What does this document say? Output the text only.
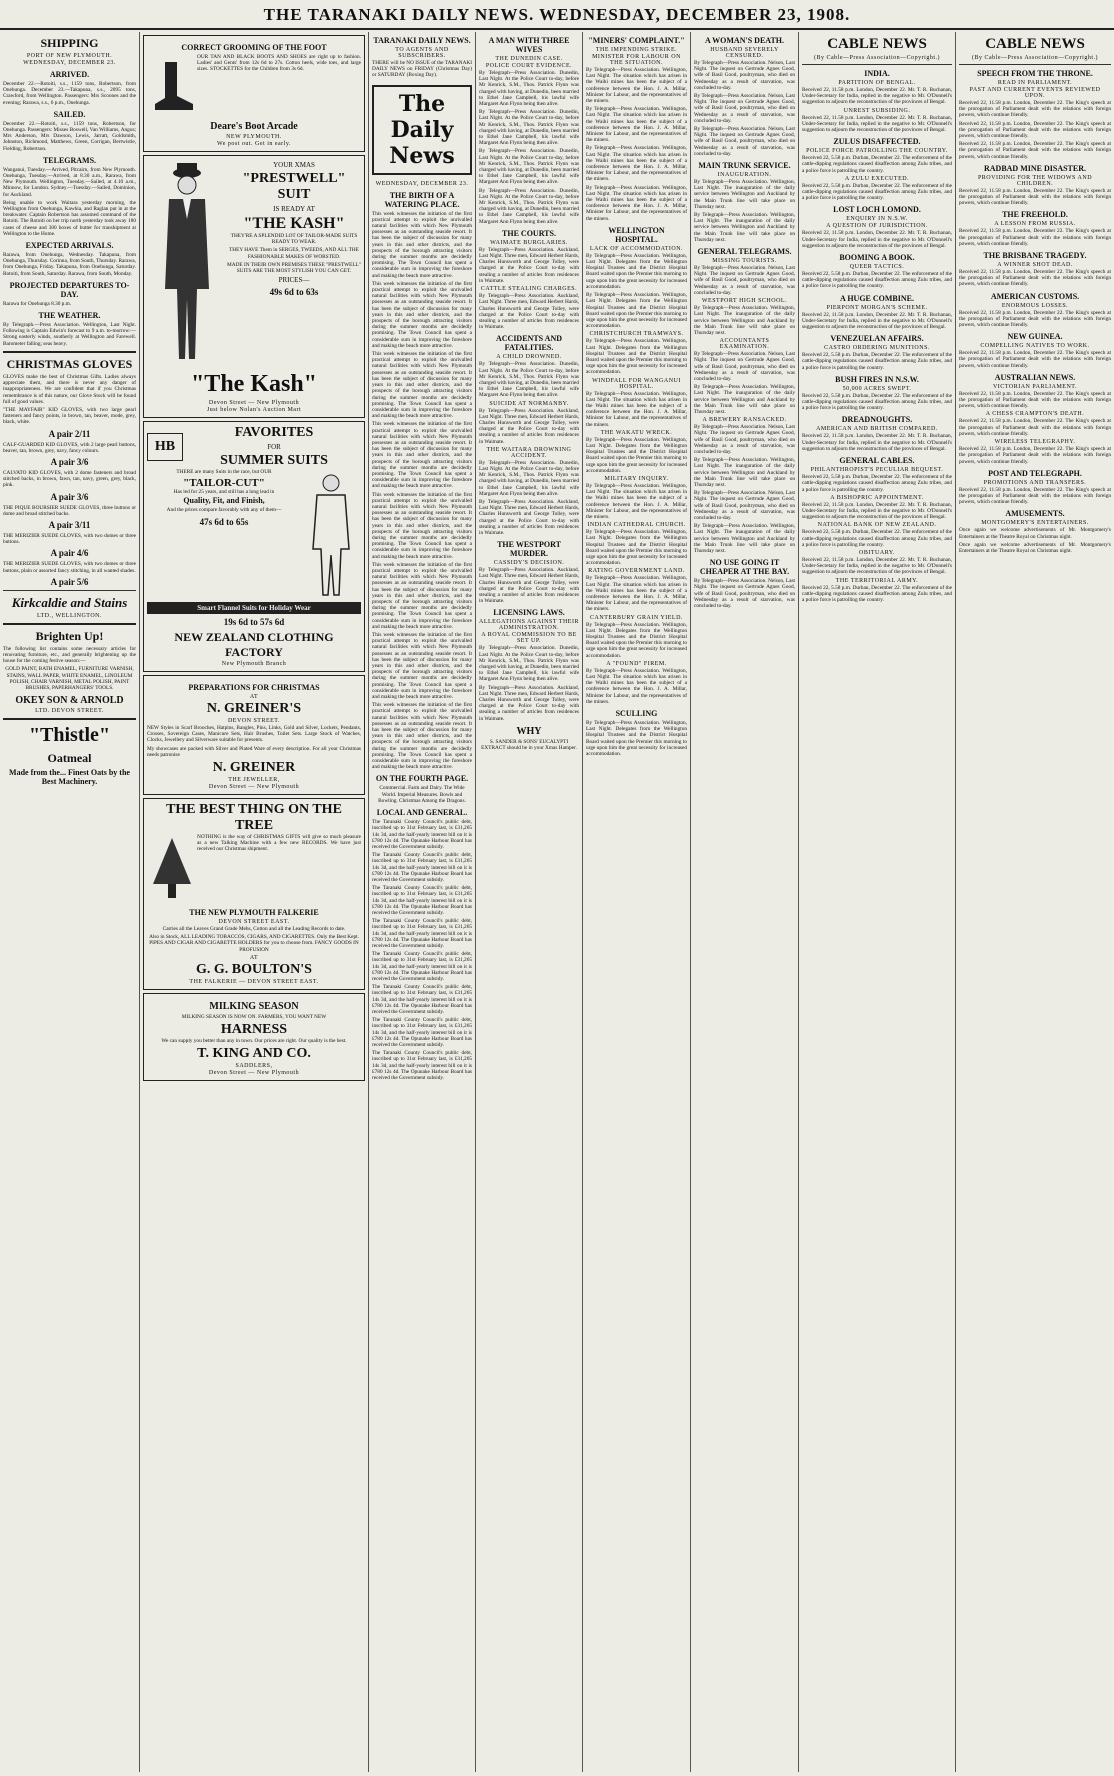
THE TARANAKI DAILY NEWS. WEDNESDAY, DECEMBER 23, 1908.
SHIPPING
PORT OF NEW PLYMOUTH.
WEDNESDAY, DECEMBER 23.
ARRIVED.

December 22.—Rotoiti, s.s., 1159 tons, Robertson, from Onehunga. December 23.—Takapuna, s.s., 2095 tons, Crawford, from Wellington. Passengers: Mrs Scoones and the evening; Rarawa, s.s., 6 p.m., Onehunga.

SAILED.

December 22.—Rotoiti, s.s., 1159 tons, Robertson, for Onehunga. Passengers: Misses Boswell, Van Williams, Angus; Mrs Anderson, Mrs Dawson, Lewis, Jarratt, Goldsmith, Johnston, Richmond, Matthews, Green, Corrigan, Bertwistle, Fielding, Robertson.

TELEGRAMS.

Wanganui, Tuesday.—Arrived, Pitcairn, from New Plymouth. Onehunga, Tuesday.—Arrived, at 8.30 a.m., Rarawa, from New Plymouth. Wellington, Tuesday.—Sailed, at 4.10 a.m., Minnow, for London. Sydney.—Tuesday.—Sailed, Dominion, for Auckland.

Being unable to work Waitara yesterday morning, the Wellington from Onehunga, Kawhia, and Raglan put in at the breakwater. Captain Robertson has assumed command of the Rotoiti. The Rotoiti on her trip north yesterday took away 180 cases of cheese and 300 boxes of butter for transhipment at Wellington to the Home.

EXPECTED ARRIVALS.

Rarawa, from Onehunga, Wednesday. Takapuna, from Onehunga, Thursday. Corinna, from South, Thursday. Rarawa, from Onehunga, Friday. Takapuna, from Onehunga, Saturday. Rotoiti, from South, Saturday. Rarawa, from South, Monday.

PROJECTED DEPARTURES TO-DAY.

Rarawa for Onehunga 8.30 p.m.

THE WEATHER.

By Telegraph.—Press Association. Wellington, Last Night. Following is Captain Edwin's forecast to 9 a.m. to-morrow:—Strong easterly winds, southerly at Wellington and Farewell. Barometer falling; seas heavy.

CHRISTMAS GLOVES

GLOVES make the best of Christmas Gifts. Ladies always appreciate them, and there is never any danger of inappropriateness. We are confident that if you Christmas remembrance is of this nature, our Glove Stock will be found full of good values.

"THE MAYFAIR" KID GLOVES, with two large pearl fasteners and fancy points, in brown, tan, beaver, mode, grey, black, white.

A pair 2/11

CALF-GUARDED KID GLOVES, with 2 large pearl buttons, beaver, tan, brown, grey, navy, fancy colours.

A pair 3/6

CALVATO KID GLOVES, with 2 dome fasteners and broad stitched backs, in brown, fawn, tan, navy, green, grey, black, pink.

A pair 3/6

THE PIQUE BOURSIER SUEDE GLOVES, three buttons or dome and broad stitched backs.

A pair 3/11

THE MERIZIER SUEDE GLOVES, with two domes or three buttons.

A pair 4/6

THE MERIZIER SUEDE GLOVES, with two domes or three buttons, plain or assorted fancy stitching, in all wanted shades.

A pair 5/6
Kirkcaldie and Stains
LTD., WELLINGTON.
Brighten Up!

The following list contains some necessary articles for renovating furniture, etc., and generally brightening up the house for the coming festive season:—

GOLD PAINT, BATH ENAMEL, FURNITURE VARNISH, STAINS, WALL PAPER, WHITE ENAMEL, LINOLEUM POLISH, CHAIR VARNISH, METAL POLISH, PAINT BRUSHES, PAPERHANGERS' TOOLS.

OKEY SON & ARNOLD
LTD. DEVON STREET.
"Thistle"
Oatmeal

Made from the... Finest Oats by the Best Machinery.

CORRECT GROOMING OF THE FOOT

OUR TAN AND BLACK BOOTS AND SHOES are right up to fashion. Ladies' and Gents' from 12s 6d to 27s. Cotton heels, wide toes, and large sizes. STOCKETTES for the Children from 3s 6d.

Deare's Boot Arcade
NEW PLYMOUTH.
We post out. Get in early.
YOUR XMAS
"PRESTWELL"
SUIT
IS READY AT
"THE KASH"

THEY'RE A SPLENDID LOT OF TAILOR-MADE SUITS READY TO WEAR.

THEY HAVE Them in SERGES, TWEEDS, AND ALL THE FASHIONABLE MAKES OF WORSTED.

MADE IN THEIR OWN PREMISES THESE "PRESTWELL" SUITS ARE THE MOST STYLISH YOU CAN GET.

PRICES—
49s 6d to 63s
"The Kash"
Devon Street — New Plymouth
Just below Nolan's Auction Mart
HB
FAVORITES
FOR
SUMMER SUITS

THERE are many Suits in the race, but OUR

"TAILOR-CUT"

Has led for 25 years, and still has a long lead in

Quality, Fit, and Finish,

And the prices compare favorably with any of them—

47s 6d to 65s
Smart Flannel Suits for Holiday Wear
19s 6d to 57s 6d
NEW ZEALAND CLOTHING FACTORY
New Plymouth Branch
PREPARATIONS FOR CHRISTMAS
AT
N. GREINER'S
DEVON STREET.

NEW Styles in Scarf Brooches, Hatpins, Bangles, Pins, Links, Gold and Silver, Lockets, Pendants, Crosses, Sovereign Cases, Manicure Sets, Hair Brushes, Toilet Sets. Large Stock of Watches, Clocks, Jewellery and Silverware suitable for presents.

My showcases are packed with Silver and Plated Ware of every description. For all your Christmas needs patronise

N. GREINER
THE JEWELLER,
Devon Street — New Plymouth
THE BEST THING ON THE TREE

NOTHING is the way of CHRISTMAS GIFTS will give so much pleasure as a new Talking Machine with a few new RECORDS. We have just received our Christmas shipment.

THE NEW PLYMOUTH FALKERIE
DEVON STREET EAST.

Carries all the Leaves Grand Grade Mehs, Cotton and all the Leading Records to date.

Also in Stock, ALL LEADING TOBACCOS, CIGARS, AND CIGARETTES. Only the Best Kept. PIPES AND CIGAR AND CIGARETTE HOLDERS for you to choose from. FANCY GOODS IN PROFUSION

AT
G. G. BOULTON'S
THE FALKERIE — DEVON STREET EAST.
MILKING SEASON

MILKING SEASON IS NOW ON. FARMERS, YOU WANT NEW

HARNESS

We can supply you better than any in town. Our prices are right. Our quality is the best.

T. KING AND CO.
SADDLERS,
Devon Street — New Plymouth
TARANAKI DAILY NEWS.
TO AGENTS AND SUBSCRIBERS.

THERE will be NO ISSUE of the TARANAKI DAILY NEWS on FRIDAY (Christmas Day) or SATURDAY (Boxing Day).

The Daily News
WEDNESDAY, DECEMBER 23.
THE BIRTH OF A WATERING PLACE.

This week witnesses the initiation of the first practical attempt to exploit the unrivalled natural facilities with which New Plymouth possesses as an outstanding seaside resort. It has been the subject of discussion for many years in this and other districts, and the prospects of the borough attracting visitors during the summer months are decidedly promising. The Town Council has spent a considerable sum in improving the foreshore and making the beach more attractive.

This week witnesses the initiation of the first practical attempt to exploit the unrivalled natural facilities with which New Plymouth possesses as an outstanding seaside resort. It has been the subject of discussion for many years in this and other districts, and the prospects of the borough attracting visitors during the summer months are decidedly promising. The Town Council has spent a considerable sum in improving the foreshore and making the beach more attractive.

This week witnesses the initiation of the first practical attempt to exploit the unrivalled natural facilities with which New Plymouth possesses as an outstanding seaside resort. It has been the subject of discussion for many years in this and other districts, and the prospects of the borough attracting visitors during the summer months are decidedly promising. The Town Council has spent a considerable sum in improving the foreshore and making the beach more attractive.

This week witnesses the initiation of the first practical attempt to exploit the unrivalled natural facilities with which New Plymouth possesses as an outstanding seaside resort. It has been the subject of discussion for many years in this and other districts, and the prospects of the borough attracting visitors during the summer months are decidedly promising. The Town Council has spent a considerable sum in improving the foreshore and making the beach more attractive.

This week witnesses the initiation of the first practical attempt to exploit the unrivalled natural facilities with which New Plymouth possesses as an outstanding seaside resort. It has been the subject of discussion for many years in this and other districts, and the prospects of the borough attracting visitors during the summer months are decidedly promising. The Town Council has spent a considerable sum in improving the foreshore and making the beach more attractive.

This week witnesses the initiation of the first practical attempt to exploit the unrivalled natural facilities with which New Plymouth possesses as an outstanding seaside resort. It has been the subject of discussion for many years in this and other districts, and the prospects of the borough attracting visitors during the summer months are decidedly promising. The Town Council has spent a considerable sum in improving the foreshore and making the beach more attractive.

This week witnesses the initiation of the first practical attempt to exploit the unrivalled natural facilities with which New Plymouth possesses as an outstanding seaside resort. It has been the subject of discussion for many years in this and other districts, and the prospects of the borough attracting visitors during the summer months are decidedly promising. The Town Council has spent a considerable sum in improving the foreshore and making the beach more attractive.

This week witnesses the initiation of the first practical attempt to exploit the unrivalled natural facilities with which New Plymouth possesses as an outstanding seaside resort. It has been the subject of discussion for many years in this and other districts, and the prospects of the borough attracting visitors during the summer months are decidedly promising. The Town Council has spent a considerable sum in improving the foreshore and making the beach more attractive.

ON THE FOURTH PAGE.

Commercial. Farm and Dairy. The Wide World. Imperial Measures. Bowls and Bowling. Christmas Among the Dragons.

LOCAL AND GENERAL.

The Taranaki County Council's public debt, inscribed up to 31st February last, is £31,265 14s 3d, and the half-yearly interest bill on it is £780 12s 4d. The Opunake Harbour Board has received the Government subsidy.

The Taranaki County Council's public debt, inscribed up to 31st February last, is £31,265 14s 3d, and the half-yearly interest bill on it is £780 12s 4d. The Opunake Harbour Board has received the Government subsidy.

The Taranaki County Council's public debt, inscribed up to 31st February last, is £31,265 14s 3d, and the half-yearly interest bill on it is £780 12s 4d. The Opunake Harbour Board has received the Government subsidy.

The Taranaki County Council's public debt, inscribed up to 31st February last, is £31,265 14s 3d, and the half-yearly interest bill on it is £780 12s 4d. The Opunake Harbour Board has received the Government subsidy.

The Taranaki County Council's public debt, inscribed up to 31st February last, is £31,265 14s 3d, and the half-yearly interest bill on it is £780 12s 4d. The Opunake Harbour Board has received the Government subsidy.

The Taranaki County Council's public debt, inscribed up to 31st February last, is £31,265 14s 3d, and the half-yearly interest bill on it is £780 12s 4d. The Opunake Harbour Board has received the Government subsidy.

The Taranaki County Council's public debt, inscribed up to 31st February last, is £31,265 14s 3d, and the half-yearly interest bill on it is £780 12s 4d. The Opunake Harbour Board has received the Government subsidy.

The Taranaki County Council's public debt, inscribed up to 31st February last, is £31,265 14s 3d, and the half-yearly interest bill on it is £780 12s 4d. The Opunake Harbour Board has received the Government subsidy.

A MAN WITH THREE WIVES
THE DUNEDIN CASE.
POLICE COURT EVIDENCE.

By Telegraph—Press Association. Dunedin, Last Night. At the Police Court to-day, before Mr Kenrick, S.M., Thos. Patrick Flynn was charged with having, at Dunedin, been married to Ethel Jane Campbell, his lawful wife Margaret Ann Flynn being then alive.

By Telegraph—Press Association. Dunedin, Last Night. At the Police Court to-day, before Mr Kenrick, S.M., Thos. Patrick Flynn was charged with having, at Dunedin, been married to Ethel Jane Campbell, his lawful wife Margaret Ann Flynn being then alive.

By Telegraph—Press Association. Dunedin, Last Night. At the Police Court to-day, before Mr Kenrick, S.M., Thos. Patrick Flynn was charged with having, at Dunedin, been married to Ethel Jane Campbell, his lawful wife Margaret Ann Flynn being then alive.

By Telegraph—Press Association. Dunedin, Last Night. At the Police Court to-day, before Mr Kenrick, S.M., Thos. Patrick Flynn was charged with having, at Dunedin, been married to Ethel Jane Campbell, his lawful wife Margaret Ann Flynn being then alive.

THE COURTS.
WAIMATE BURGLARIES.

By Telegraph—Press Association. Auckland, Last Night. Three men, Edward Herbert Hards, Charles Hunsworth and George Tolley, were charged at the Police Court to-day with stealing a number of articles from residences in Waimate.

CATTLE STEALING CHARGES.

By Telegraph—Press Association. Auckland, Last Night. Three men, Edward Herbert Hards, Charles Hunsworth and George Tolley, were charged at the Police Court to-day with stealing a number of articles from residences in Waimate.

ACCIDENTS AND FATALITIES.
A CHILD DROWNED.

By Telegraph—Press Association. Dunedin, Last Night. At the Police Court to-day, before Mr Kenrick, S.M., Thos. Patrick Flynn was charged with having, at Dunedin, been married to Ethel Jane Campbell, his lawful wife Margaret Ann Flynn being then alive.

SUICIDE AT NORMANBY.

By Telegraph—Press Association. Auckland, Last Night. Three men, Edward Herbert Hards, Charles Hunsworth and George Tolley, were charged at the Police Court to-day with stealing a number of articles from residences in Waimate.

THE WAITARA DROWNING ACCIDENT.

By Telegraph—Press Association. Dunedin, Last Night. At the Police Court to-day, before Mr Kenrick, S.M., Thos. Patrick Flynn was charged with having, at Dunedin, been married to Ethel Jane Campbell, his lawful wife Margaret Ann Flynn being then alive.

By Telegraph—Press Association. Auckland, Last Night. Three men, Edward Herbert Hards, Charles Hunsworth and George Tolley, were charged at the Police Court to-day with stealing a number of articles from residences in Waimate.

THE WESTPORT MURDER.
CASSIDY'S DECISION.

By Telegraph—Press Association. Auckland, Last Night. Three men, Edward Herbert Hards, Charles Hunsworth and George Tolley, were charged at the Police Court to-day with stealing a number of articles from residences in Waimate.

LICENSING LAWS.
ALLEGATIONS AGAINST THEIR ADMINISTRATION.
A ROYAL COMMISSION TO BE SET UP.

By Telegraph—Press Association. Dunedin, Last Night. At the Police Court to-day, before Mr Kenrick, S.M., Thos. Patrick Flynn was charged with having, at Dunedin, been married to Ethel Jane Campbell, his lawful wife Margaret Ann Flynn being then alive.

By Telegraph—Press Association. Auckland, Last Night. Three men, Edward Herbert Hards, Charles Hunsworth and George Tolley, were charged at the Police Court to-day with stealing a number of articles from residences in Waimate.

WHY

S. SANDER & SONS' EUCALYPTI EXTRACT should be in your Xmas Hamper.

"MINERS' COMPLAINT."
THE IMPENDING STRIKE.
MINISTER FOR LABOUR ON THE SITUATION.

By Telegraph—Press Association. Wellington, Last Night. The situation which has arisen in the Waihi mines has been the subject of a conference between the Hon. J. A. Millar, Minister for Labour, and the representatives of the miners.

By Telegraph—Press Association. Wellington, Last Night. The situation which has arisen in the Waihi mines has been the subject of a conference between the Hon. J. A. Millar, Minister for Labour, and the representatives of the miners.

By Telegraph—Press Association. Wellington, Last Night. The situation which has arisen in the Waihi mines has been the subject of a conference between the Hon. J. A. Millar, Minister for Labour, and the representatives of the miners.

By Telegraph—Press Association. Wellington, Last Night. The situation which has arisen in the Waihi mines has been the subject of a conference between the Hon. J. A. Millar, Minister for Labour, and the representatives of the miners.

WELLINGTON HOSPITAL.
LACK OF ACCOMMODATION.

By Telegraph—Press Association. Wellington, Last Night. Delegates from the Wellington Hospital Trustees and the District Hospital Board waited upon the Premier this morning to urge upon him the great necessity for increased accommodation.

By Telegraph—Press Association. Wellington, Last Night. Delegates from the Wellington Hospital Trustees and the District Hospital Board waited upon the Premier this morning to urge upon him the great necessity for increased accommodation.

CHRISTCHURCH TRAMWAYS.

By Telegraph—Press Association. Wellington, Last Night. Delegates from the Wellington Hospital Trustees and the District Hospital Board waited upon the Premier this morning to urge upon him the great necessity for increased accommodation.

WINDFALL FOR WANGANUI HOSPITAL.

By Telegraph—Press Association. Wellington, Last Night. The situation which has arisen in the Waihi mines has been the subject of a conference between the Hon. J. A. Millar, Minister for Labour, and the representatives of the miners.

THE WAKATU WRECK.

By Telegraph—Press Association. Wellington, Last Night. Delegates from the Wellington Hospital Trustees and the District Hospital Board waited upon the Premier this morning to urge upon him the great necessity for increased accommodation.

MILITARY INQUIRY.

By Telegraph—Press Association. Wellington, Last Night. The situation which has arisen in the Waihi mines has been the subject of a conference between the Hon. J. A. Millar, Minister for Labour, and the representatives of the miners.

INDIAN CATHEDRAL CHURCH.

By Telegraph—Press Association. Wellington, Last Night. Delegates from the Wellington Hospital Trustees and the District Hospital Board waited upon the Premier this morning to urge upon him the great necessity for increased accommodation.

RATING GOVERNMENT LAND.

By Telegraph—Press Association. Wellington, Last Night. The situation which has arisen in the Waihi mines has been the subject of a conference between the Hon. J. A. Millar, Minister for Labour, and the representatives of the miners.

CANTERBURY GRAIN YIELD.

By Telegraph—Press Association. Wellington, Last Night. Delegates from the Wellington Hospital Trustees and the District Hospital Board waited upon the Premier this morning to urge upon him the great necessity for increased accommodation.

A "FOUND" FIREM.

By Telegraph—Press Association. Wellington, Last Night. The situation which has arisen in the Waihi mines has been the subject of a conference between the Hon. J. A. Millar, Minister for Labour, and the representatives of the miners.

SCULLING

By Telegraph—Press Association. Wellington, Last Night. Delegates from the Wellington Hospital Trustees and the District Hospital Board waited upon the Premier this morning to urge upon him the great necessity for increased accommodation.

A WOMAN'S DEATH.
HUSBAND SEVERELY CENSURED.

By Telegraph—Press Association. Nelson, Last Night. The inquest on Gertrude Agnes Good, wife of Basil Good, poultryman, who died on Wednesday as a result of starvation, was concluded to-day.

By Telegraph—Press Association. Nelson, Last Night. The inquest on Gertrude Agnes Good, wife of Basil Good, poultryman, who died on Wednesday as a result of starvation, was concluded to-day.

By Telegraph—Press Association. Nelson, Last Night. The inquest on Gertrude Agnes Good, wife of Basil Good, poultryman, who died on Wednesday as a result of starvation, was concluded to-day.

MAIN TRUNK SERVICE.
INAUGURATION.

By Telegraph—Press Association. Wellington, Last Night. The inauguration of the daily service between Wellington and Auckland by the Main Trunk line will take place on Thursday next.

By Telegraph—Press Association. Wellington, Last Night. The inauguration of the daily service between Wellington and Auckland by the Main Trunk line will take place on Thursday next.

GENERAL TELEGRAMS.
MISSING TOURISTS.

By Telegraph—Press Association. Nelson, Last Night. The inquest on Gertrude Agnes Good, wife of Basil Good, poultryman, who died on Wednesday as a result of starvation, was concluded to-day.

WESTPORT HIGH SCHOOL.

By Telegraph—Press Association. Wellington, Last Night. The inauguration of the daily service between Wellington and Auckland by the Main Trunk line will take place on Thursday next.

ACCOUNTANTS EXAMINATION.

By Telegraph—Press Association. Nelson, Last Night. The inquest on Gertrude Agnes Good, wife of Basil Good, poultryman, who died on Wednesday as a result of starvation, was concluded to-day.

By Telegraph—Press Association. Wellington, Last Night. The inauguration of the daily service between Wellington and Auckland by the Main Trunk line will take place on Thursday next.

A BREWERY RANSACKED.

By Telegraph—Press Association. Nelson, Last Night. The inquest on Gertrude Agnes Good, wife of Basil Good, poultryman, who died on Wednesday as a result of starvation, was concluded to-day.

By Telegraph—Press Association. Wellington, Last Night. The inauguration of the daily service between Wellington and Auckland by the Main Trunk line will take place on Thursday next.

By Telegraph—Press Association. Nelson, Last Night. The inquest on Gertrude Agnes Good, wife of Basil Good, poultryman, who died on Wednesday as a result of starvation, was concluded to-day.

By Telegraph—Press Association. Wellington, Last Night. The inauguration of the daily service between Wellington and Auckland by the Main Trunk line will take place on Thursday next.

NO USE GOING IT CHEAPER AT THE BAY.

By Telegraph—Press Association. Nelson, Last Night. The inquest on Gertrude Agnes Good, wife of Basil Good, poultryman, who died on Wednesday as a result of starvation, was concluded to-day.

CABLE NEWS
(By Cable—Press Association—Copyright.)
INDIA.
PARTITION OF BENGAL.

Received 22, 11.58 p.m. London, December 22. Mr. T. R. Buchanan, Under-Secretary for India, replied in the negative to Mr. O'Donnell's suggestion to adjourn the reconstruction of the provinces of Bengal.

UNREST SUBSIDING.

Received 22, 11.58 p.m. London, December 22. Mr. T. R. Buchanan, Under-Secretary for India, replied in the negative to Mr. O'Donnell's suggestion to adjourn the reconstruction of the provinces of Bengal.

ZULUS DISAFFECTED.
POLICE FORCE PATROLLING THE COUNTRY.

Received 22, 5.58 p.m. Durban, December 22. The enforcement of the cattle-dipping regulations caused disaffection among Zulu tribes, and a police force is patrolling the country.

A ZULU EXECUTED.

Received 22, 5.58 p.m. Durban, December 22. The enforcement of the cattle-dipping regulations caused disaffection among Zulu tribes, and a police force is patrolling the country.

LOST LOCH LOMOND.
ENQUIRY IN N.S.W.
A QUESTION OF JURISDICTION.

Received 22, 11.58 p.m. London, December 22. Mr. T. R. Buchanan, Under-Secretary for India, replied in the negative to Mr. O'Donnell's suggestion to adjourn the reconstruction of the provinces of Bengal.

BOOMING A BOOK.
QUEER TACTICS.

Received 22, 5.58 p.m. Durban, December 22. The enforcement of the cattle-dipping regulations caused disaffection among Zulu tribes, and a police force is patrolling the country.

A HUGE COMBINE.
PIERPONT MORGAN'S SCHEME.

Received 22, 11.58 p.m. London, December 22. Mr. T. R. Buchanan, Under-Secretary for India, replied in the negative to Mr. O'Donnell's suggestion to adjourn the reconstruction of the provinces of Bengal.

VENEZUELAN AFFAIRS.
CASTRO ORDERING MUNITIONS.

Received 22, 5.58 p.m. Durban, December 22. The enforcement of the cattle-dipping regulations caused disaffection among Zulu tribes, and a police force is patrolling the country.

BUSH FIRES IN N.S.W.
50,000 ACRES SWEPT.

Received 22, 5.58 p.m. Durban, December 22. The enforcement of the cattle-dipping regulations caused disaffection among Zulu tribes, and a police force is patrolling the country.

DREADNOUGHTS.
AMERICAN AND BRITISH COMPARED.

Received 22, 11.58 p.m. London, December 22. Mr. T. R. Buchanan, Under-Secretary for India, replied in the negative to Mr. O'Donnell's suggestion to adjourn the reconstruction of the provinces of Bengal.

GENERAL CABLES.
PHILANTHROPIST'S PECULIAR BEQUEST.

Received 22, 5.58 p.m. Durban, December 22. The enforcement of the cattle-dipping regulations caused disaffection among Zulu tribes, and a police force is patrolling the country.

A BISHOPRIC APPOINTMENT.

Received 22, 11.58 p.m. London, December 22. Mr. T. R. Buchanan, Under-Secretary for India, replied in the negative to Mr. O'Donnell's suggestion to adjourn the reconstruction of the provinces of Bengal.

NATIONAL BANK OF NEW ZEALAND.

Received 22, 5.58 p.m. Durban, December 22. The enforcement of the cattle-dipping regulations caused disaffection among Zulu tribes, and a police force is patrolling the country.

OBITUARY.

Received 22, 11.58 p.m. London, December 22. Mr. T. R. Buchanan, Under-Secretary for India, replied in the negative to Mr. O'Donnell's suggestion to adjourn the reconstruction of the provinces of Bengal.

THE TERRITORIAL ARMY.

Received 22, 5.58 p.m. Durban, December 22. The enforcement of the cattle-dipping regulations caused disaffection among Zulu tribes, and a police force is patrolling the country.

CABLE NEWS
(By Cable—Press Association—Copyright.)
SPEECH FROM THE THRONE.
READ IN PARLIAMENT.
PAST AND CURRENT EVENTS REVIEWED UPON.

Received 22, 11.58 p.m. London, December 22. The King's speech at the prorogation of Parliament dealt with the relations with foreign powers, which continue friendly.

Received 22, 11.58 p.m. London, December 22. The King's speech at the prorogation of Parliament dealt with the relations with foreign powers, which continue friendly.

Received 22, 11.58 p.m. London, December 22. The King's speech at the prorogation of Parliament dealt with the relations with foreign powers, which continue friendly.

RADBAD MINE DISASTER.
PROVIDING FOR THE WIDOWS AND CHILDREN.

Received 22, 11.58 p.m. London, December 22. The King's speech at the prorogation of Parliament dealt with the relations with foreign powers, which continue friendly.

THE FREEHOLD.
A LESSON FROM RUSSIA.

Received 22, 11.58 p.m. London, December 22. The King's speech at the prorogation of Parliament dealt with the relations with foreign powers, which continue friendly.

THE BRISBANE TRAGEDY.
A WINNER SHOT DEAD.

Received 22, 11.58 p.m. London, December 22. The King's speech at the prorogation of Parliament dealt with the relations with foreign powers, which continue friendly.

AMERICAN CUSTOMS.
ENORMOUS LOSSES.

Received 22, 11.58 p.m. London, December 22. The King's speech at the prorogation of Parliament dealt with the relations with foreign powers, which continue friendly.

NEW GUINEA.
COMPELLING NATIVES TO WORK.

Received 22, 11.58 p.m. London, December 22. The King's speech at the prorogation of Parliament dealt with the relations with foreign powers, which continue friendly.

AUSTRALIAN NEWS.
VICTORIAN PARLIAMENT.

Received 22, 11.58 p.m. London, December 22. The King's speech at the prorogation of Parliament dealt with the relations with foreign powers, which continue friendly.

A CHESS CRAMPTON'S DEATH.

Received 22, 11.58 p.m. London, December 22. The King's speech at the prorogation of Parliament dealt with the relations with foreign powers, which continue friendly.

WIRELESS TELEGRAPHY.

Received 22, 11.58 p.m. London, December 22. The King's speech at the prorogation of Parliament dealt with the relations with foreign powers, which continue friendly.

POST AND TELEGRAPH.
PROMOTIONS AND TRANSFERS.

Received 22, 11.58 p.m. London, December 22. The King's speech at the prorogation of Parliament dealt with the relations with foreign powers, which continue friendly.

AMUSEMENTS.
MONTGOMERY'S ENTERTAINERS.

Once again we welcome advertisements of Mr. Montgomery's Entertainers at the Theatre Royal on Christmas night.

Once again we welcome advertisements of Mr. Montgomery's Entertainers at the Theatre Royal on Christmas night.
